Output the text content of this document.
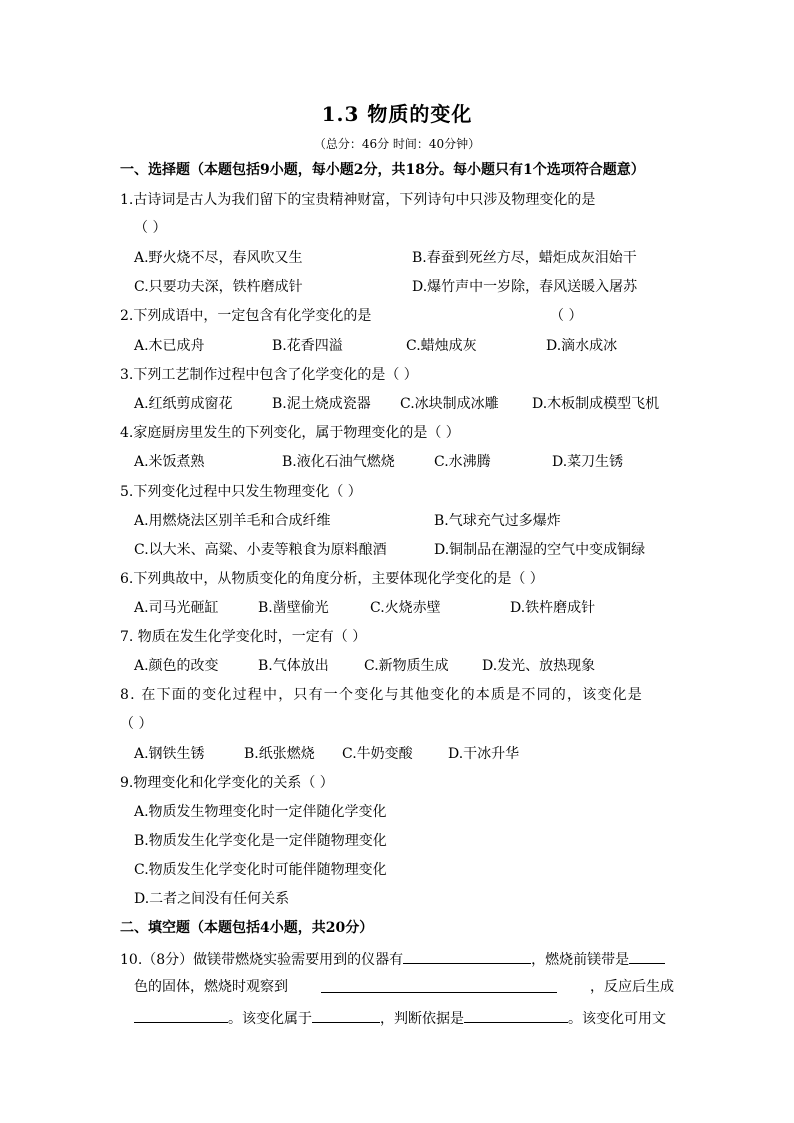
1.3 物质的变化
（总分：46分 时间：40分钟）
一、选择题（本题包括9小题，每小题2分，共18分。每小题只有1个选项符合题意）
1.古诗词是古人为我们留下的宝贵精神财富，下列诗句中只涉及物理变化的是
（ ）
A.野火烧不尽，春风吹又生	B.春蚕到死丝方尽，蜡炬成灰泪始干
C.只要功夫深，铁杵磨成针	D.爆竹声中一岁除，春风送暖入屠苏
2.下列成语中，一定包含有化学变化的是	（ ）
A.木已成舟	B.花香四溢	C.蜡烛成灰	D.滴水成冰
3.下列工艺制作过程中包含了化学变化的是（ ）
A.红纸剪成窗花	B.泥土烧成瓷器 C.冰块制成冰雕 D.木板制成模型飞机
4.家庭厨房里发生的下列变化，属于物理变化的是（ ）
A.米饭煮熟	B.液化石油气燃烧	C.水沸腾	D.菜刀生锈
5.下列变化过程中只发生物理变化（ ）
A.用燃烧法区别羊毛和合成纤维	B.气球充气过多爆炸
C.以大米、高粱、小麦等粮食为原料酿酒	D.铜制品在潮湿的空气中变成铜绿
6.下列典故中，从物质变化的角度分析，主要体现化学变化的是（ ）
A.司马光砸缸	B.凿壁偷光	C.火烧赤壁	D.铁杵磨成针
7. 物质在发生化学变化时，一定有（ ）
A.颜色的改变	B.气体放出	C.新物质生成 D.发光、放热现象
8. 在下面的变化过程中，只有一个变化与其他变化的本质是不同的，该变化是
（ ）
A.钢铁生锈	B.纸张燃烧 C.牛奶变酸	D.干冰升华
9.物理变化和化学变化的关系（ ）
A.物质发生物理变化时一定伴随化学变化
B.物质发生化学变化是一定伴随物理变化
C.物质发生化学变化时可能伴随物理变化
D.二者之间没有任何关系
二、填空题（本题包括4小题，共20分）
10.（8分）做镁带燃烧实验需要用到的仪器有	，燃烧前镁带是
色的固体，燃烧时观察到	，反应后生成
。该变化属于	，判断依据是	。该变化可用文
